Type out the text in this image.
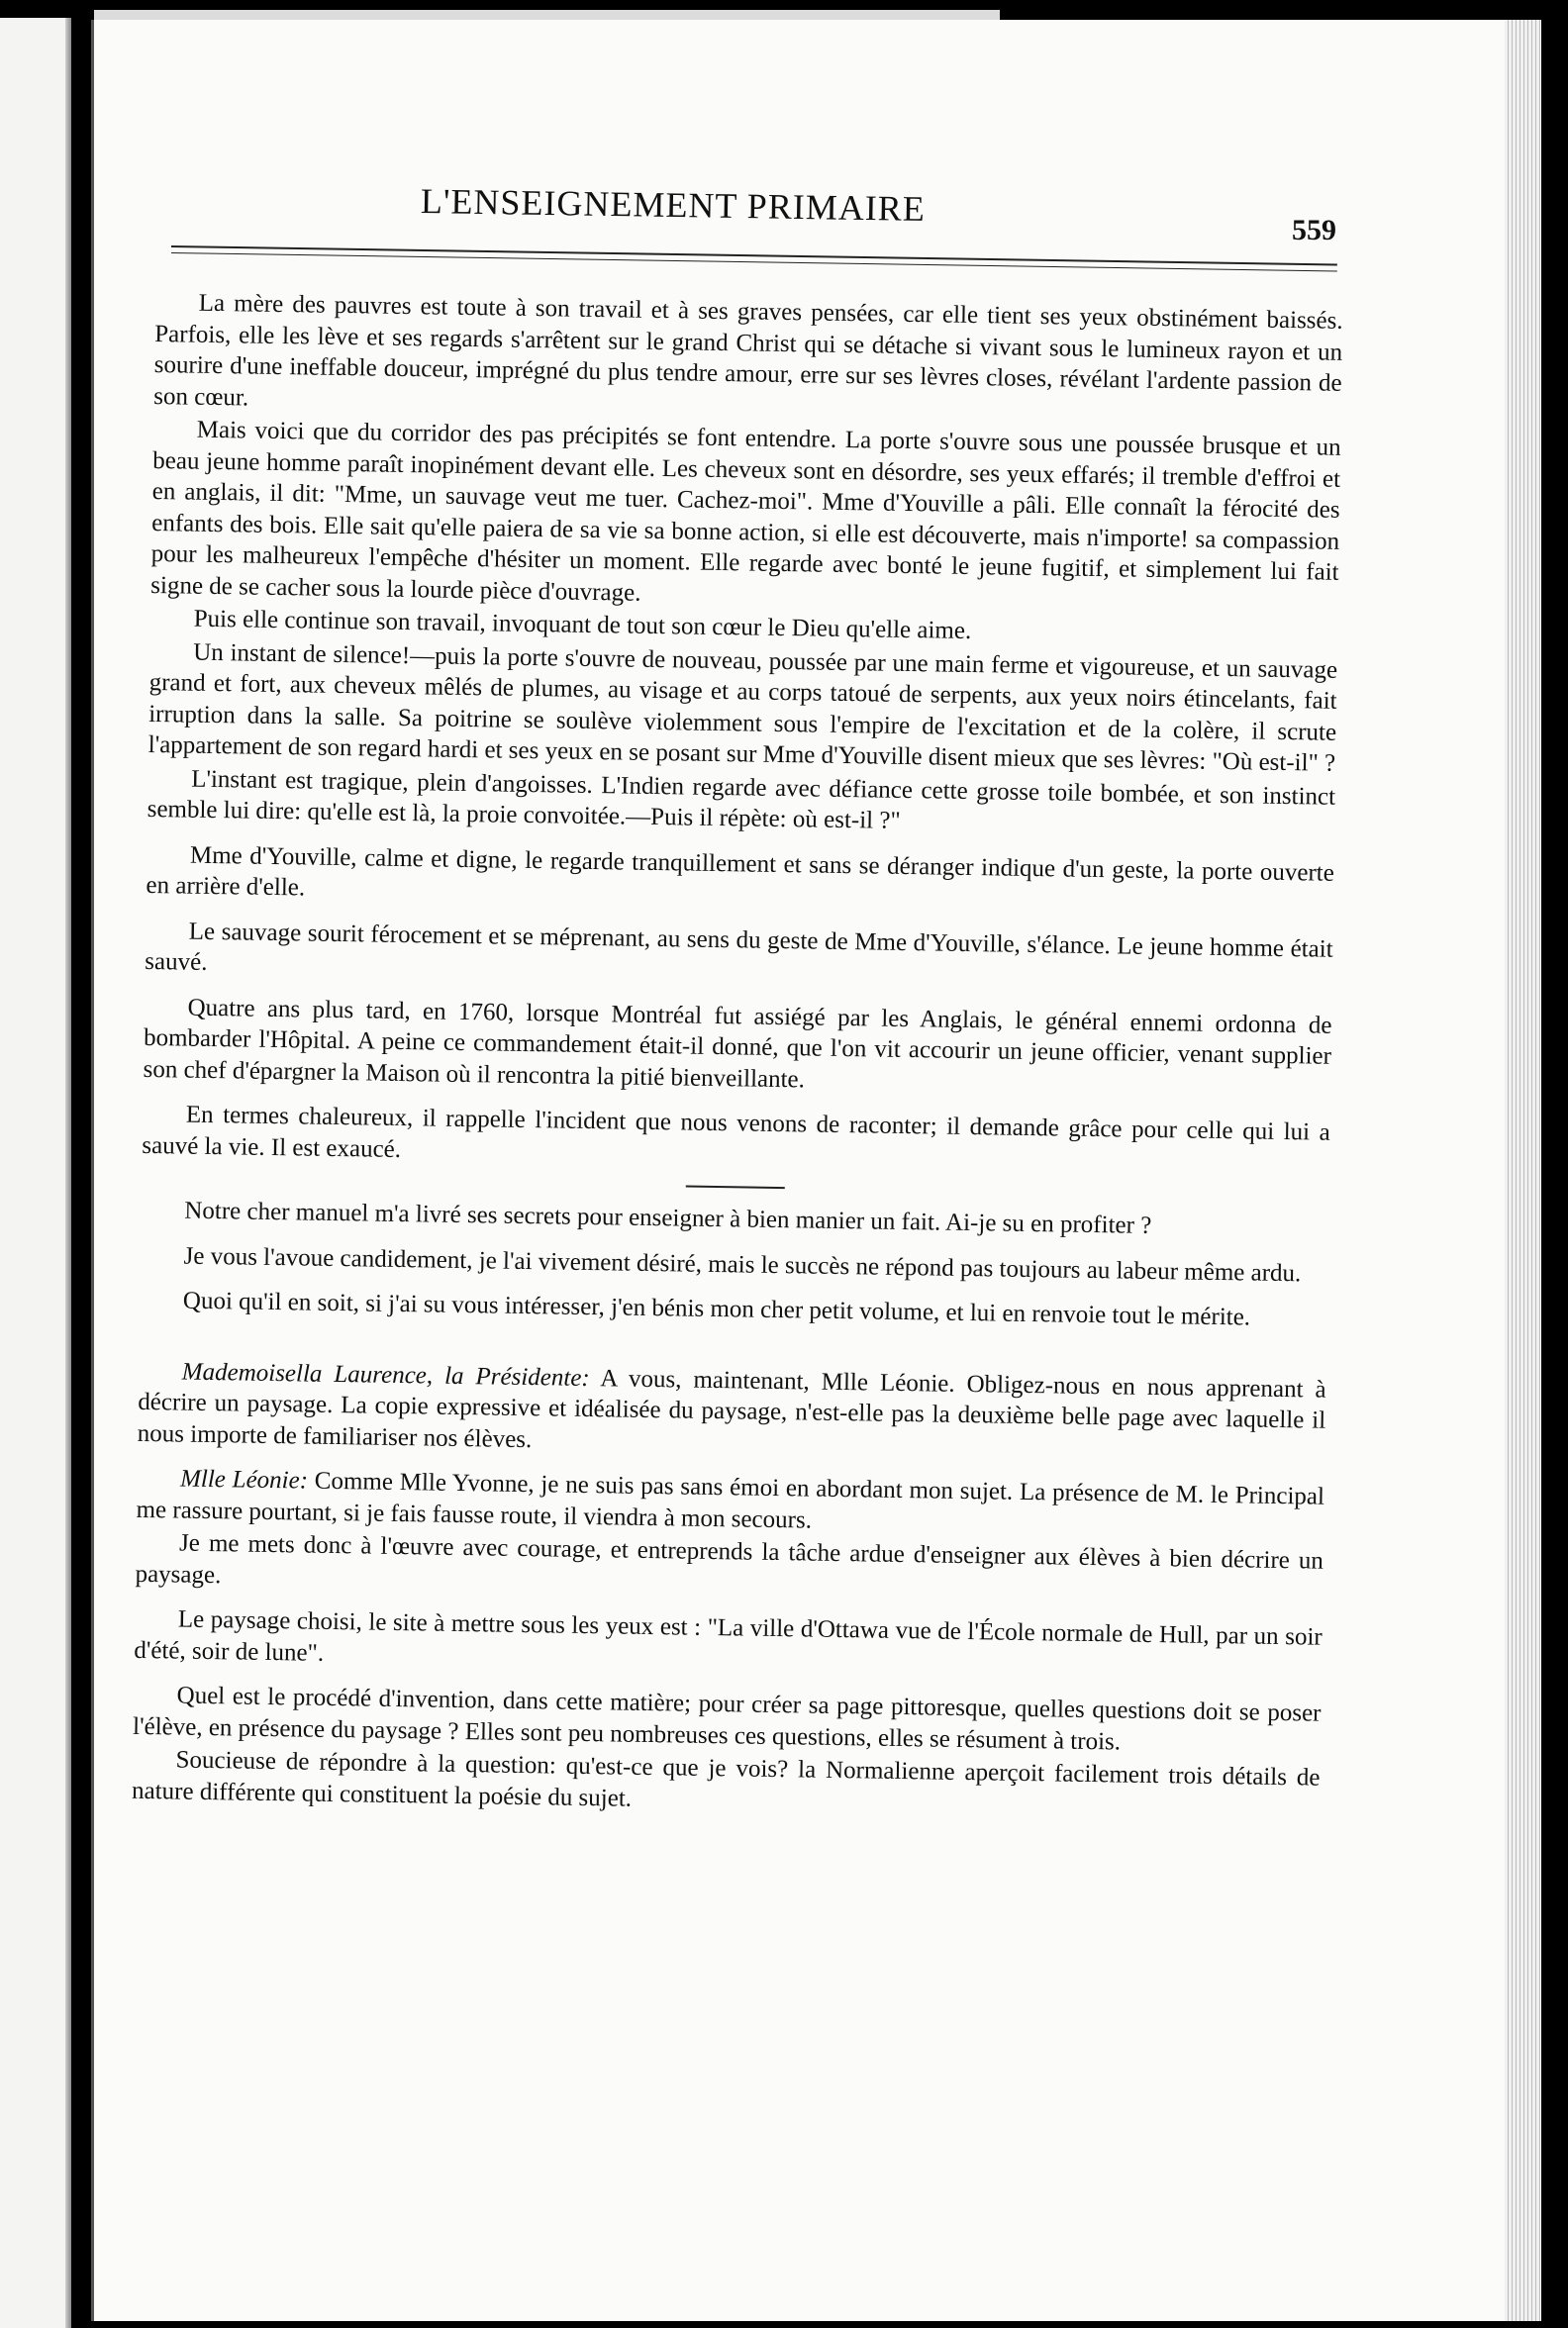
L'ENSEIGNEMENT PRIMAIRE
559

La mère des pauvres est toute à son travail et à ses graves pensées, car elle tient ses yeux obstinément baissés. Parfois, elle les lève et ses regards s'arrêtent sur le grand Christ qui se détache si vivant sous le lumineux rayon et un sourire d'une ineffable douceur, imprégné du plus tendre amour, erre sur ses lèvres closes, révélant l'ardente passion de son cœur.

Mais voici que du corridor des pas précipités se font entendre. La porte s'ouvre sous une poussée brusque et un beau jeune homme paraît inopinément devant elle. Les cheveux sont en désordre, ses yeux effarés; il tremble d'effroi et en anglais, il dit: "Mme, un sauvage veut me tuer. Cachez-moi". Mme d'Youville a pâli. Elle connaît la férocité des enfants des bois. Elle sait qu'elle paiera de sa vie sa bonne action, si elle est découverte, mais n'importe! sa compassion pour les malheureux l'empêche d'hésiter un moment. Elle regarde avec bonté le jeune fugitif, et simplement lui fait signe de se cacher sous la lourde pièce d'ouvrage.

Puis elle continue son travail, invoquant de tout son cœur le Dieu qu'elle aime.

Un instant de silence!—puis la porte s'ouvre de nouveau, poussée par une main ferme et vigoureuse, et un sauvage grand et fort, aux cheveux mêlés de plumes, au visage et au corps tatoué de serpents, aux yeux noirs étincelants, fait irruption dans la salle. Sa poitrine se soulève violemment sous l'empire de l'excitation et de la colère, il scrute l'appartement de son regard hardi et ses yeux en se posant sur Mme d'Youville disent mieux que ses lèvres: "Où est-il" ?

L'instant est tragique, plein d'angoisses. L'Indien regarde avec défiance cette grosse toile bombée, et son instinct semble lui dire: qu'elle est là, la proie convoitée.—Puis il répète: où est-il ?"

Mme d'Youville, calme et digne, le regarde tranquillement et sans se déranger indique d'un geste, la porte ouverte en arrière d'elle.

Le sauvage sourit férocement et se méprenant, au sens du geste de Mme d'Youville, s'élance. Le jeune homme était sauvé.

Quatre ans plus tard, en 1760, lorsque Montréal fut assiégé par les Anglais, le général ennemi ordonna de bombarder l'Hôpital. A peine ce commandement était-il donné, que l'on vit accourir un jeune officier, venant supplier son chef d'épargner la Maison où il rencontra la pitié bienveillante.

En termes chaleureux, il rappelle l'incident que nous venons de raconter; il demande grâce pour celle qui lui a sauvé la vie. Il est exaucé.

Notre cher manuel m'a livré ses secrets pour enseigner à bien manier un fait. Ai-je su en profiter ?

Je vous l'avoue candidement, je l'ai vivement désiré, mais le succès ne répond pas toujours au labeur même ardu.

Quoi qu'il en soit, si j'ai su vous intéresser, j'en bénis mon cher petit volume, et lui en renvoie tout le mérite.

Mademoisella Laurence, la Présidente: A vous, maintenant, Mlle Léonie. Obligez-nous en nous apprenant à décrire un paysage. La copie expressive et idéalisée du paysage, n'est-elle pas la deuxième belle page avec laquelle il nous importe de familiariser nos élèves.

Mlle Léonie: Comme Mlle Yvonne, je ne suis pas sans émoi en abordant mon sujet. La présence de M. le Principal me rassure pourtant, si je fais fausse route, il viendra à mon secours.

Je me mets donc à l'œuvre avec courage, et entreprends la tâche ardue d'enseigner aux élèves à bien décrire un paysage.

Le paysage choisi, le site à mettre sous les yeux est : "La ville d'Ottawa vue de l'École normale de Hull, par un soir d'été, soir de lune".

Quel est le procédé d'invention, dans cette matière; pour créer sa page pittoresque, quelles questions doit se poser l'élève, en présence du paysage ? Elles sont peu nombreuses ces questions, elles se résument à trois.

Soucieuse de répondre à la question: qu'est-ce que je vois? la Normalienne aperçoit facilement trois détails de nature différente qui constituent la poésie du sujet.
